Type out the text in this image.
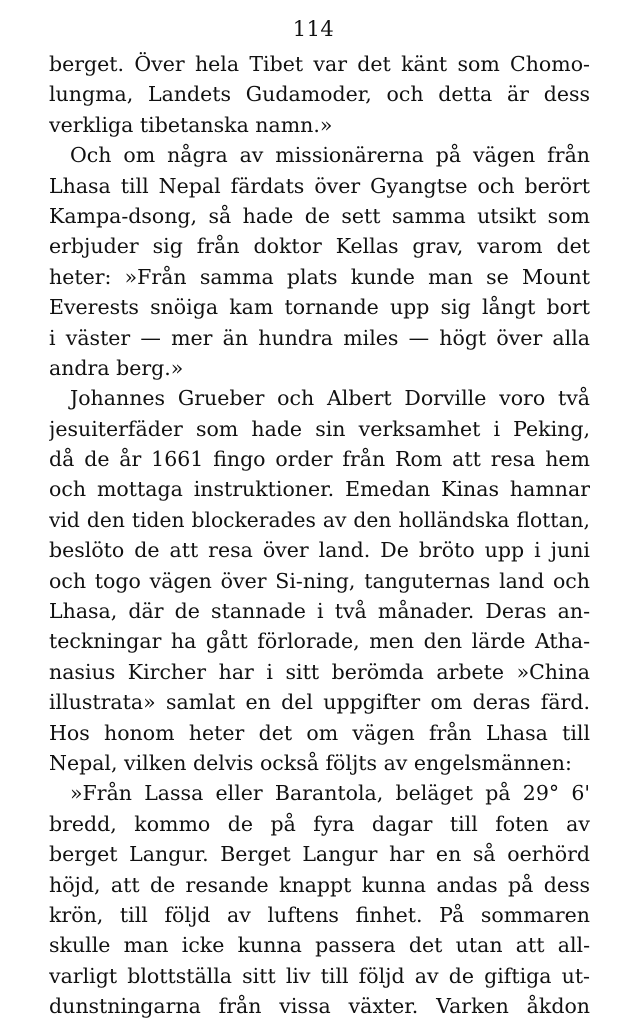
114
berget. Över hela Tibet var det känt som Chomo-
lungma, Landets Gudamoder, och detta är dess
verkliga tibetanska namn.»
Och om några av missionärerna på vägen från
Lhasa till Nepal färdats över Gyangtse och berört
Kampa-dsong, så hade de sett samma utsikt som
erbjuder sig från doktor Kellas grav, varom det
heter: »Från samma plats kunde man se Mount
Everests snöiga kam tornande upp sig långt bort
i väster — mer än hundra miles — högt över alla
andra berg.»
Johannes Grueber och Albert Dorville voro två
jesuiterfäder som hade sin verksamhet i Peking,
då de år 1661 fingo order från Rom att resa hem
och mottaga instruktioner. Emedan Kinas hamnar
vid den tiden blockerades av den holländska flottan,
beslöto de att resa över land. De bröto upp i juni
och togo vägen över Si-ning, tanguternas land och
Lhasa, där de stannade i två månader. Deras an-
teckningar ha gått förlorade, men den lärde Atha-
nasius Kircher har i sitt berömda arbete »China
illustrata» samlat en del uppgifter om deras färd.
Hos honom heter det om vägen från Lhasa till
Nepal, vilken delvis också följts av engelsmännen:
»Från Lassa eller Barantola, beläget på 29° 6'
bredd, kommo de på fyra dagar till foten av
berget Langur. Berget Langur har en så oerhörd
höjd, att de resande knappt kunna andas på dess
krön, till följd av luftens finhet. På sommaren
skulle man icke kunna passera det utan att all-
varligt blottställa sitt liv till följd av de giftiga ut-
dunstningarna från vissa växter. Varken åkdon
